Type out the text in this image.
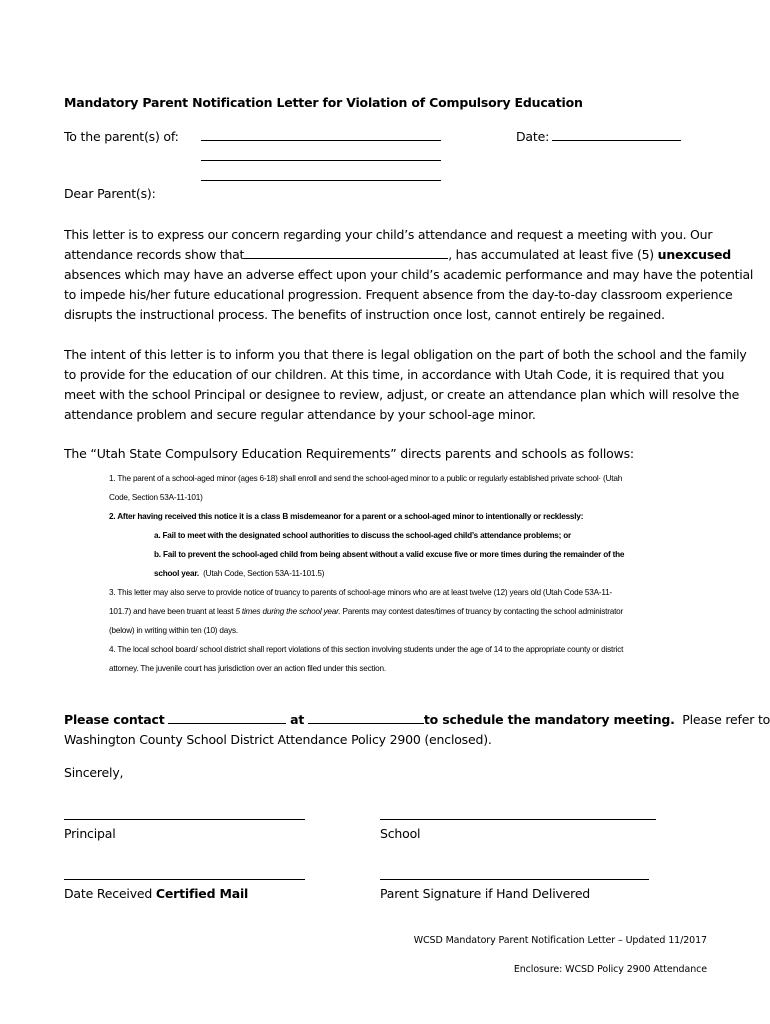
Mandatory Parent Notification Letter for Violation of Compulsory Education
To the parent(s) of:	Date:
Dear Parent(s):
This letter is to express our concern regarding your child’s attendance and request a meeting with you. Our
attendance records show that	, has accumulated at least five (5) unexcused
absences which may have an adverse effect upon your child’s academic performance and may have the potential
to impede his/her future educational progression. Frequent absence from the day-to-day classroom experience
disrupts the instructional process. The benefits of instruction once lost, cannot entirely be regained.
The intent of this letter is to inform you that there is legal obligation on the part of both the school and the family
to provide for the education of our children. At this time, in accordance with Utah Code, it is required that you
meet with the school Principal or designee to review, adjust, or create an attendance plan which will resolve the
attendance problem and secure regular attendance by your school-age minor.
The “Utah State Compulsory Education Requirements” directs parents and schools as follows:
1. The parent of a school-aged minor (ages 6-18) shall enroll and send the school-aged minor to a public or regularly established private school· (Utah
Code, Section 53A-11-101)
2. After having received this notice it is a class B misdemeanor for a parent or a school-aged minor to intentionally or recklessly:
a. Fail to meet with the designated school authorities to discuss the school-aged child’s attendance problems; or
b. Fail to prevent the school-aged child from being absent without a valid excuse five or more times during the remainder of the
school year. (Utah Code, Section 53A-11-101.5)
3. This letter may also serve to provide notice of truancy to parents of school-age minors who are at least twelve (12) years old (Utah Code 53A-11-
101.7) and have been truant at least 5 times during the school year. Parents may contest dates/times of truancy by contacting the school administrator
(below) in writing within ten (10) days.
4. The local school board/ school district shall report violations of this section involving students under the age of 14 to the appropriate county or district
attorney. The juvenile court has jurisdiction over an action filed under this section.
Please contact	at	to schedule the mandatory meeting. Please refer to
Washington County School District Attendance Policy 2900 (enclosed).
Sincerely,
Principal	School
Date Received Certified Mail	Parent Signature if Hand Delivered
WCSD Mandatory Parent Notification Letter – Updated 11/2017
Enclosure: WCSD Policy 2900 Attendance
